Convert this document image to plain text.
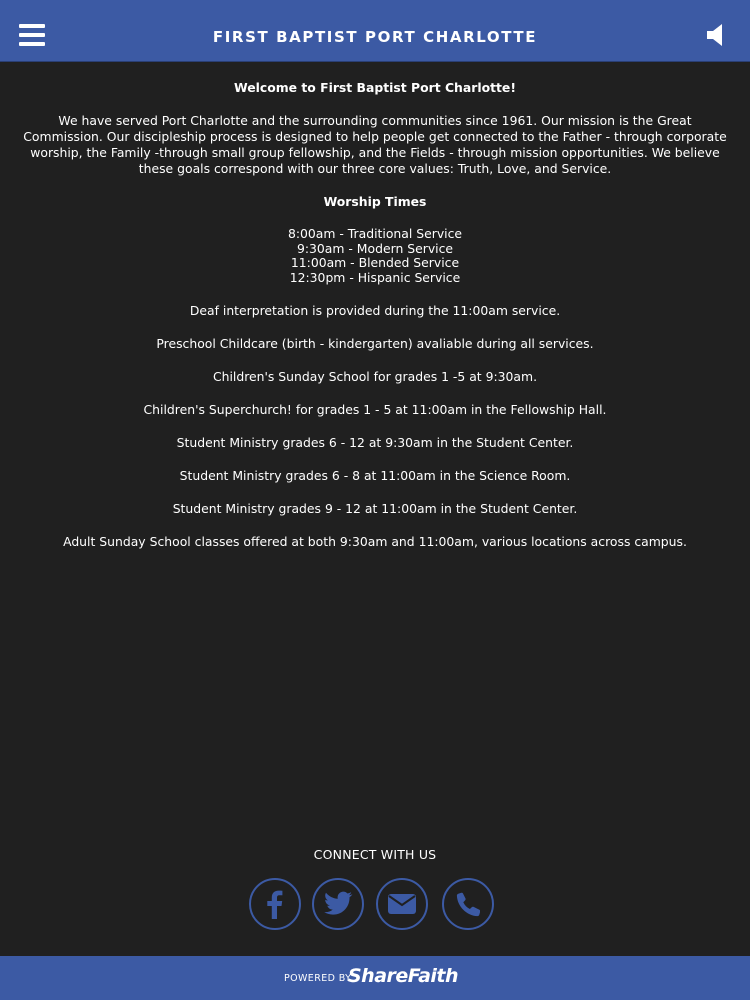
FIRST BAPTIST PORT CHARLOTTE

Welcome to First Baptist Port Charlotte!

We have served Port Charlotte and the surrounding communities since 1961. Our mission is the Great Commission. Our discipleship process is designed to help people get connected to the Father - through corporate worship, the Family -through small group fellowship, and the Fields - through mission opportunities. We believe these goals correspond with our three core values: Truth, Love, and Service.

Worship Times

8:00am - Traditional Service
9:30am - Modern Service
11:00am - Blended Service
12:30pm - Hispanic Service

Deaf interpretation is provided during the 11:00am service.

Preschool Childcare (birth - kindergarten) avaliable during all services.

Children's Sunday School for grades 1 -5 at 9:30am.

Children's Superchurch! for grades 1 - 5 at 11:00am in the Fellowship Hall.

Student Ministry grades 6 - 12 at 9:30am in the Student Center.

Student Ministry grades 6 - 8 at 11:00am in the Science Room.

Student Ministry grades 9 - 12 at 11:00am in the Student Center.

Adult Sunday School classes offered at both 9:30am and 11:00am, various locations across campus.

CONNECT WITH US
POWERED BY
ShareFaith
